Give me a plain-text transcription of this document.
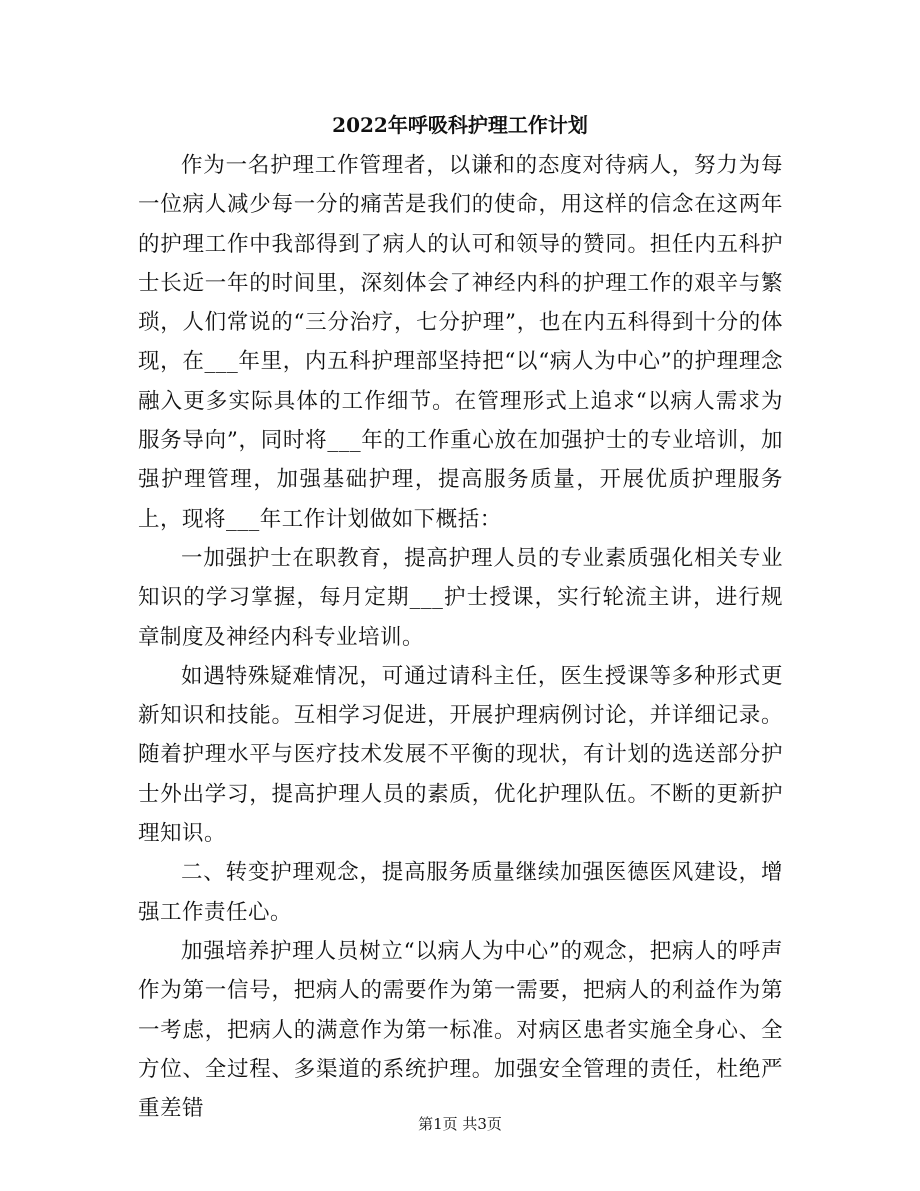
2022年呼吸科护理工作计划

作为一名护理工作管理者，以谦和的态度对待病人，努力为每一位病人减少每一分的痛苦是我们的使命，用这样的信念在这两年的护理工作中我部得到了病人的认可和领导的赞同。担任内五科护士长近一年的时间里，深刻体会了神经内科的护理工作的艰辛与繁琐，人们常说的“三分治疗，七分护理”，也在内五科得到十分的体现，在___年里，内五科护理部坚持把“以“病人为中心”的护理理念融入更多实际具体的工作细节。在管理形式上追求“以病人需求为服务导向”，同时将___年的工作重心放在加强护士的专业培训，加强护理管理，加强基础护理，提高服务质量，开展优质护理服务上，现将___年工作计划做如下概括：

一加强护士在职教育，提高护理人员的专业素质强化相关专业知识的学习掌握，每月定期___护士授课，实行轮流主讲，进行规章制度及神经内科专业培训。

如遇特殊疑难情况，可通过请科主任，医生授课等多种形式更新知识和技能。互相学习促进，开展护理病例讨论，并详细记录。随着护理水平与医疗技术发展不平衡的现状，有计划的选送部分护士外出学习，提高护理人员的素质，优化护理队伍。不断的更新护理知识。

二、转变护理观念，提高服务质量继续加强医德医风建设，增强工作责任心。

加强培养护理人员树立“以病人为中心”的观念，把病人的呼声作为第一信号，把病人的需要作为第一需要，把病人的利益作为第一考虑，把病人的满意作为第一标准。对病区患者实施全身心、全方位、全过程、多渠道的系统护理。加强安全管理的责任，杜绝严重差错

第1页 共3页
